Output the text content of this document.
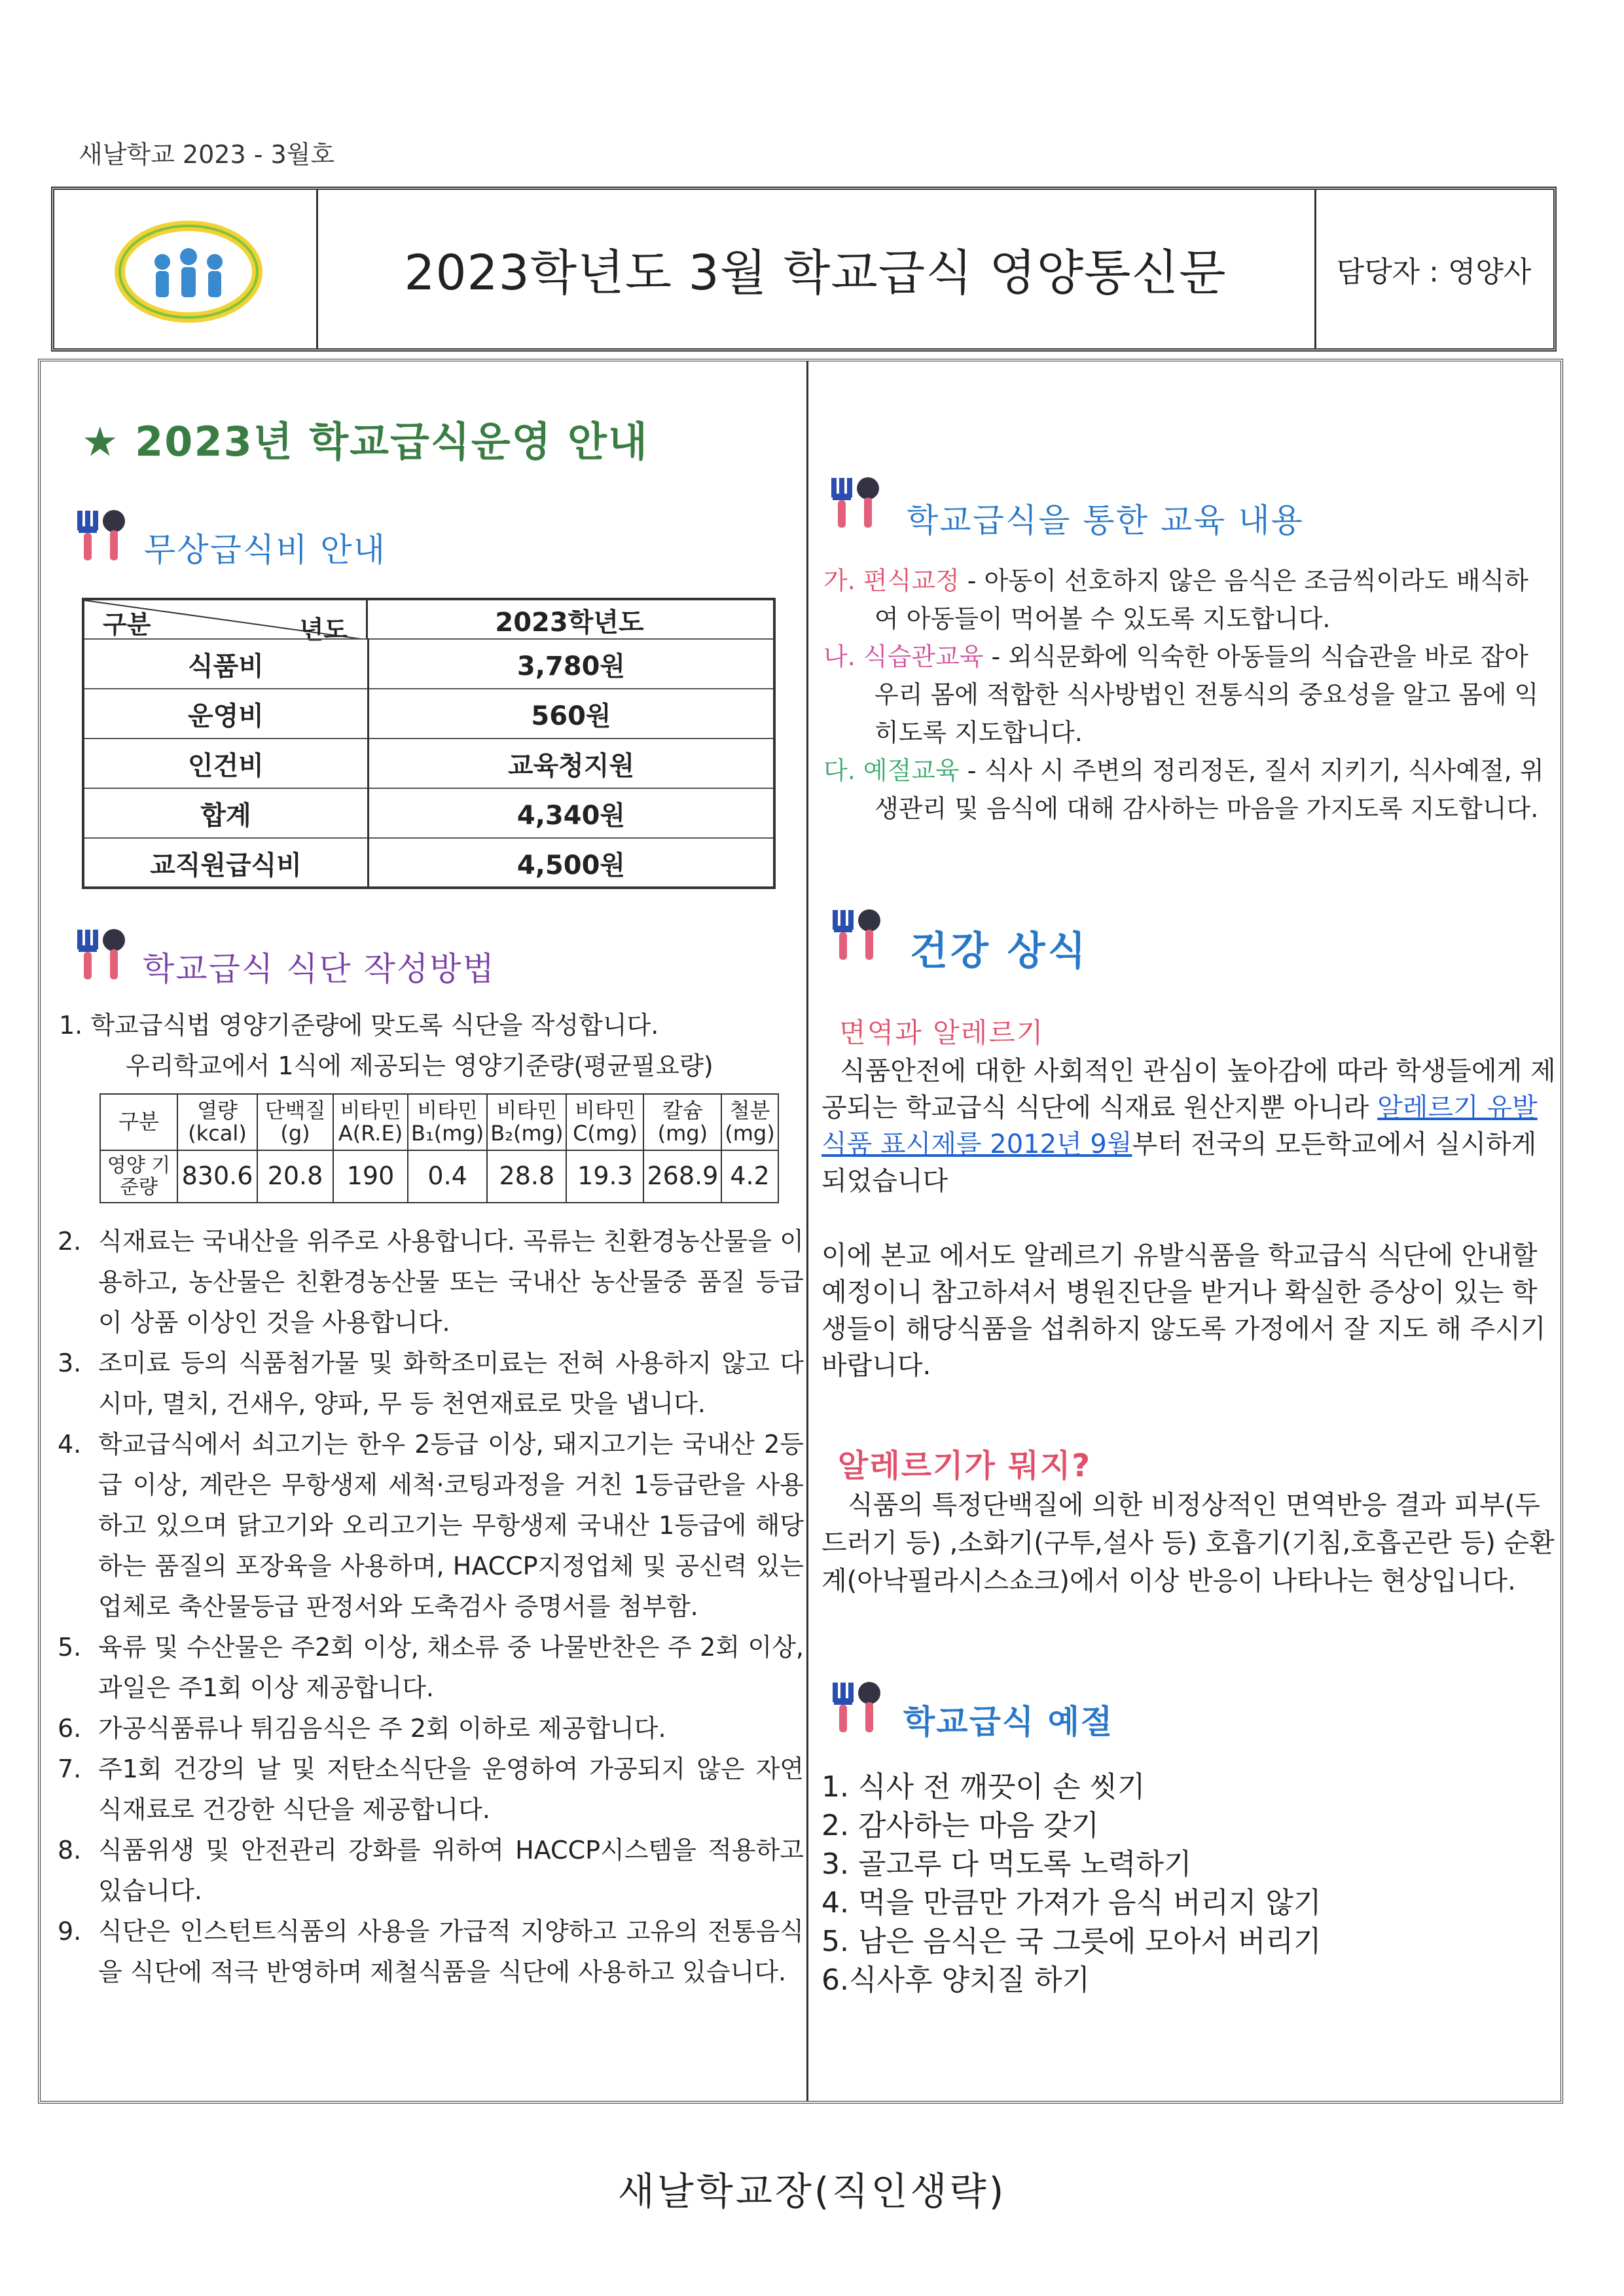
새날학교 2023 - 3월호
2023학년도 3월 학교급식 영양통신문	담당자 : 영양사
★ 2023년 학교급식운영 안내
무상급식비 안내
구분	년도	2023학년도
식품비	3,780원
운영비	560원
인건비	교육청지원
합계	4,340원
교직원급식비	4,500원
학교급식 식단 작성방법
1. 학교급식법 영양기준량에 맞도록 식단을 작성합니다.
우리학교에서 1식에 제공되는 영양기준량(평균필요량)
구분	열량 (kcal)	단백질 (g)	비타민 A(R.E)	비타민 B₁(mg)	비타민 B₂(mg)	비타민 C(mg)	칼슘 (mg)	철분 (mg)
영양 기준량	830.6	20.8	190	0.4	28.8	19.3	268.9	4.2
2. 식재료는 국내산을 위주로 사용합니다. 곡류는 친환경농산물을 이용하고, 농산물은 친환경농산물 또는 국내산 농산물중 품질 등급이 상품 이상인 것을 사용합니다.
3. 조미료 등의 식품첨가물 및 화학조미료는 전혀 사용하지 않고 다시마, 멸치, 건새우, 양파, 무 등 천연재료로 맛을 냅니다.
4. 학교급식에서 쇠고기는 한우 2등급 이상, 돼지고기는 국내산 2등급 이상, 계란은 무항생제 세척·코팅과정을 거친 1등급란을 사용하고 있으며 닭고기와 오리고기는 무항생제 국내산 1등급에 해당하는 품질의 포장육을 사용하며, HACCP지정업체 및 공신력 있는 업체로 축산물등급 판정서와 도축검사 증명서를 첨부함.
5. 육류 및 수산물은 주2회 이상, 채소류 중 나물반찬은 주 2회 이상, 과일은 주1회 이상 제공합니다.
6. 가공식품류나 튀김음식은 주 2회 이하로 제공합니다.
7. 주1회 건강의 날 및 저탄소식단을 운영하여 가공되지 않은 자연 식재료로 건강한 식단을 제공합니다.
8. 식품위생 및 안전관리 강화를 위하여 HACCP시스템을 적용하고 있습니다.
9. 식단은 인스턴트식품의 사용을 가급적 지양하고 고유의 전통음식을 식단에 적극 반영하며 제철식품을 식단에 사용하고 있습니다.
학교급식을 통한 교육 내용
가. 편식교정 - 아동이 선호하지 않은 음식은 조금씩이라도 배식하여 아동들이 먹어볼 수 있도록 지도합니다.
나. 식습관교육 - 외식문화에 익숙한 아동들의 식습관을 바로 잡아 우리 몸에 적합한 식사방법인 전통식의 중요성을 알고 몸에 익히도록 지도합니다.
다. 예절교육 - 식사 시 주변의 정리정돈, 질서 지키기, 식사예절, 위생관리 및 음식에 대해 감사하는 마음을 가지도록 지도합니다.
건강 상식
면역과 알레르기
식품안전에 대한 사회적인 관심이 높아감에 따라 학생들에게 제공되는 학교급식 식단에 식재료 원산지뿐 아니라 알레르기 유발식품 표시제를 2012년 9월부터 전국의 모든학교에서 실시하게 되었습니다
이에 본교 에서도 알레르기 유발식품을 학교급식 식단에 안내할 예정이니 참고하셔서 병원진단을 받거나 확실한 증상이 있는 학생들이 해당식품을 섭취하지 않도록 가정에서 잘 지도 해 주시기 바랍니다.
알레르기가 뭐지?
식품의 특정단백질에 의한 비정상적인 면역반응 결과 피부(두드러기 등) ,소화기(구투,설사 등) 호흡기(기침,호흡곤란 등) 순환계(아낙필라시스쇼크)에서 이상 반응이 나타나는 현상입니다.
학교급식 예절
1. 식사 전 깨끗이 손 씻기
2. 감사하는 마음 갖기
3. 골고루 다 먹도록 노력하기
4. 먹을 만큼만 가져가 음식 버리지 않기
5. 남은 음식은 국 그릇에 모아서 버리기
6.식사후 양치질 하기
새날학교장(직인생략)
